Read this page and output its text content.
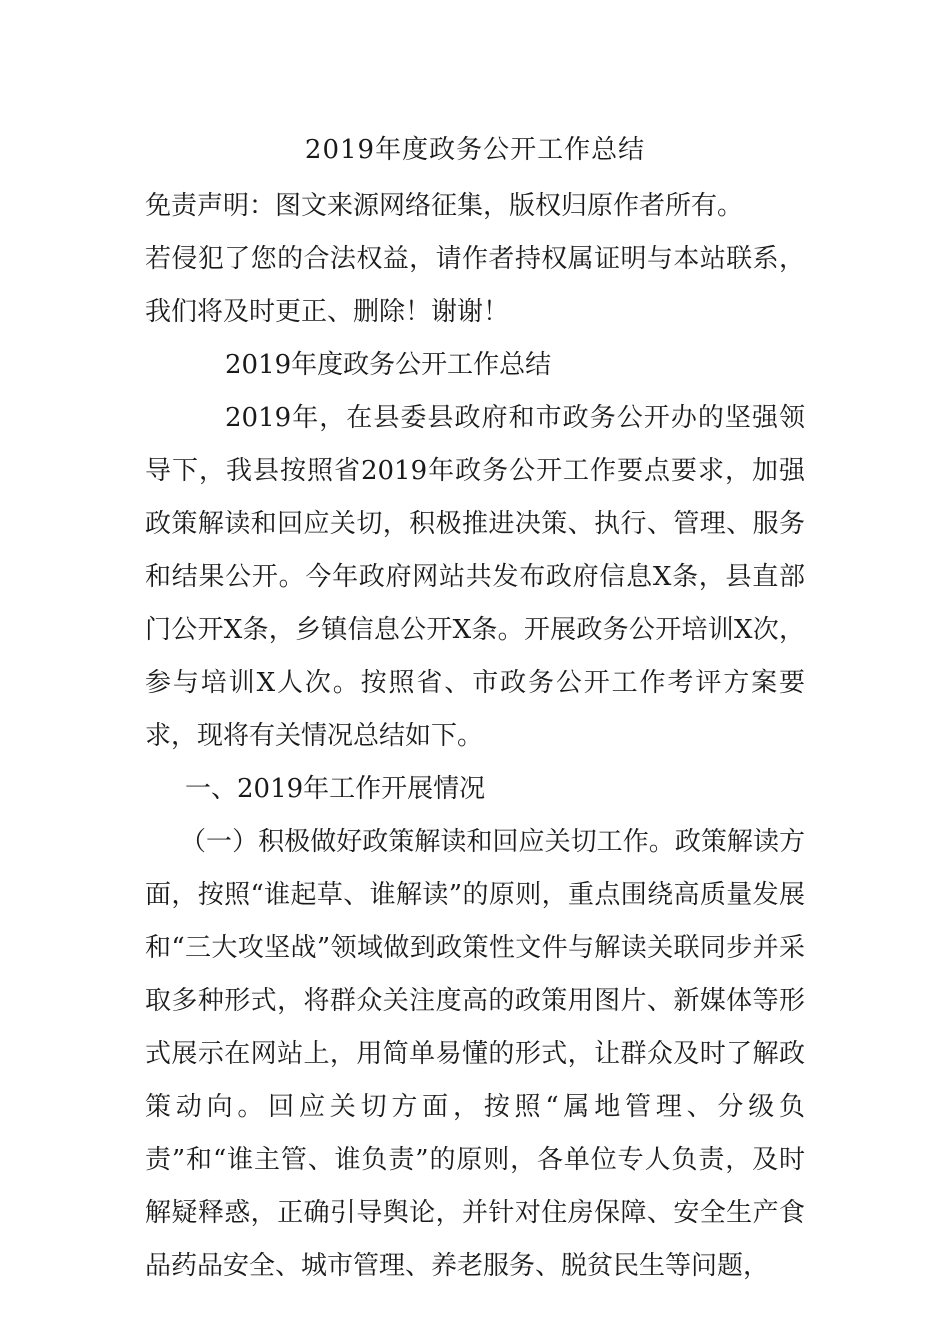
2019年度政务公开工作总结

免责声明：图文来源网络征集，版权归原作者所有。

若侵犯了您的合法权益，请作者持权属证明与本站联系，我们将及时更正、删除！谢谢！

2019年度政务公开工作总结

2019年，在县委县政府和市政务公开办的坚强领导下，我县按照省2019年政务公开工作要点要求，加强政策解读和回应关切，积极推进决策、执行、管理、服务和结果公开。今年政府网站共发布政府信息X条，县直部门公开X条，乡镇信息公开X条。开展政务公开培训X次，参与培训X人次。按照省、市政务公开工作考评方案要求，现将有关情况总结如下。

一、2019年工作开展情况

（一）积极做好政策解读和回应关切工作。政策解读方面，按照“谁起草、谁解读”的原则，重点围绕高质量发展和“三大攻坚战”领域做到政策性文件与解读关联同步并采取多种形式，将群众关注度高的政策用图片、新媒体等形式展示在网站上，用简单易懂的形式，让群众及时了解政策动向。回应关切方面，按照“属地管理、分级负责”和“谁主管、谁负责”的原则，各单位专人负责，及时解疑释惑，正确引导舆论，并针对住房保障、安全生产食品药品安全、城市管理、养老服务、脱贫民生等问题，
